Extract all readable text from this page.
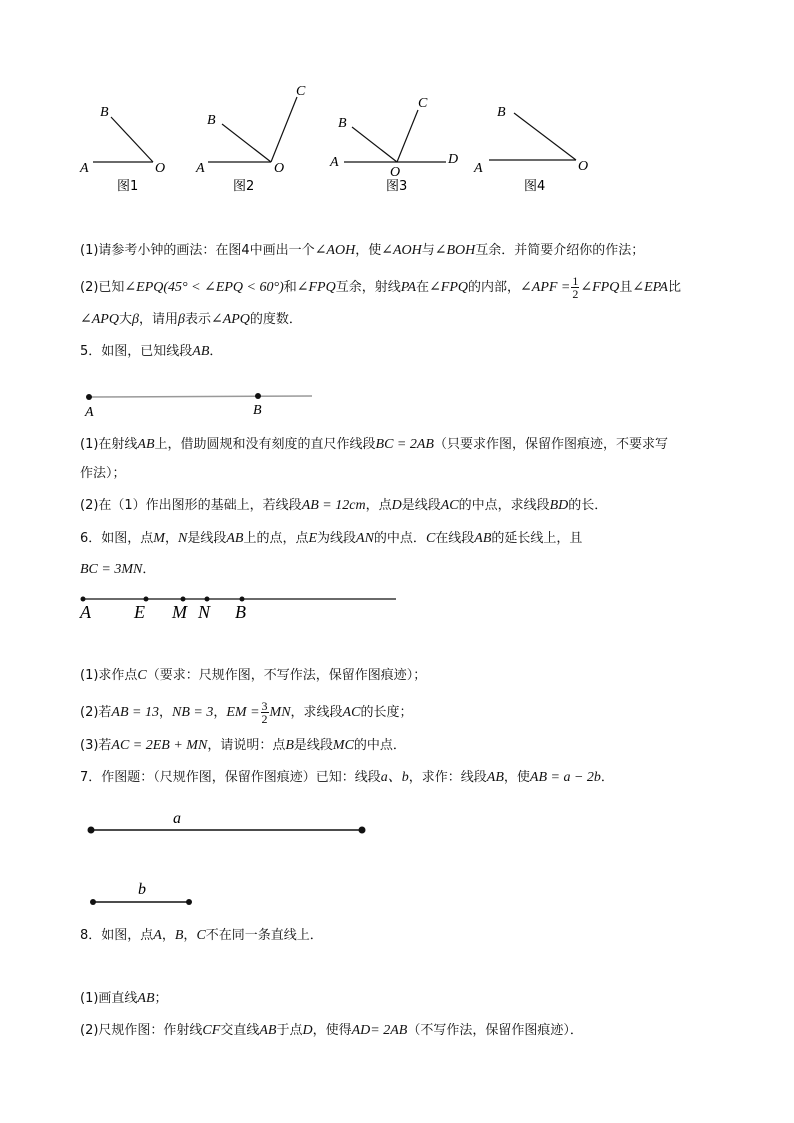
A
B
O
图1
A
B
C
O
图2
A
B
C
D
O
图3
A
B
O
图4
(1)请参考小钟的画法：在图4中画出一个∠AOH，使∠AOH与∠BOH互余．并简要介绍你的作法；
(2)已知∠EPQ(45° < ∠EPQ < 60°)和∠FPQ互余，射线PA在∠FPQ的内部，∠APF = $\frac{1}{2}$ ∠FPQ且∠EPA比
∠APQ大β，请用β表示∠APQ的度数．
5．如图，已知线段AB．
A	B
(1)在射线AB上，借助圆规和没有刻度的直尺作线段BC = 2AB（只要求作图，保留作图痕迹，不要求写
作法）；
(2)在（1）作出图形的基础上，若线段AB = 12cm，点D是线段AC的中点，求线段BD的长．
6．如图，点M，N是线段AB上的点，点E为线段AN的中点．C在线段AB的延长线上，且
BC = 3MN．
A E M N B
(1)求作点C（要求：尺规作图，不写作法，保留作图痕迹）；
(2)若AB = 13，NB = 3，EM = $\frac{3}{2}$ MN，求线段AC的长度；
(3)若AC = 2EB + MN，请说明：点B是线段MC的中点．
7．作图题：（尺规作图，保留作图痕迹）已知：线段a、b，求作：线段AB，使AB = a − 2b．
a
b
8．如图，点A，B，C不在同一条直线上．
(1)画直线AB；
(2)尺规作图：作射线CF交直线AB于点D，使得AD= 2AB（不写作法，保留作图痕迹）．
